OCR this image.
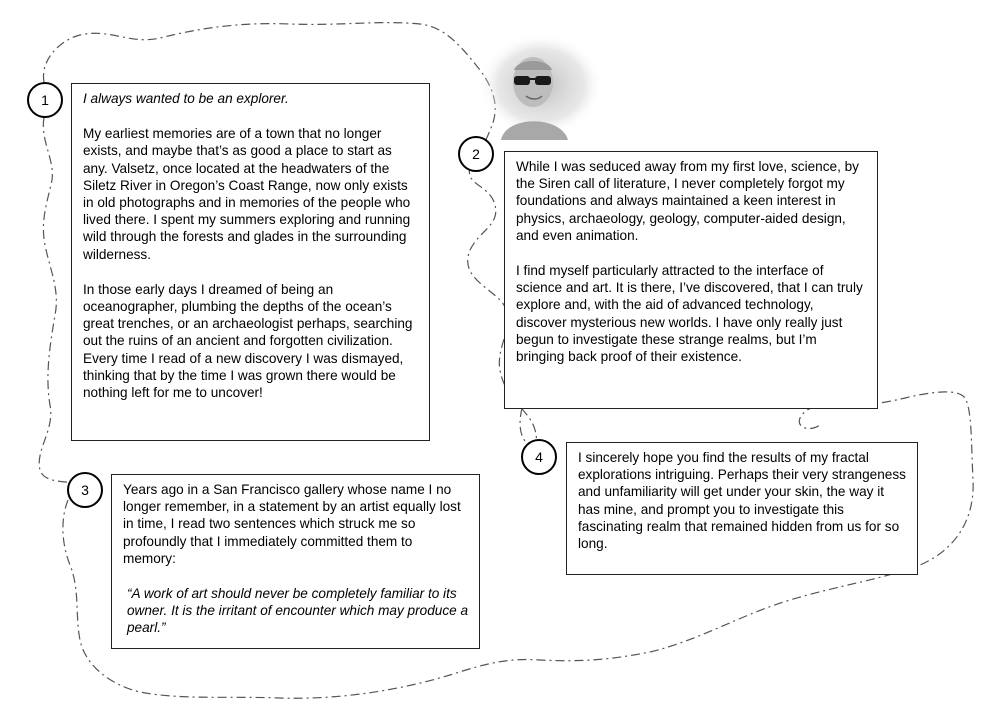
I always wanted to be an explorer.

My earliest memories are of a town that no longer exists, and maybe that’s as good a place to start as any. Valsetz, once located at the headwaters of the Siletz River in Oregon’s Coast Range, now only exists in old photographs and in memories of the people who lived there. I spent my summers exploring and running wild through the forests and glades in the surrounding wilderness.

In those early days I dreamed of being an oceanographer, plumbing the depths of the ocean’s great trenches, or an archaeologist perhaps, searching out the ruins of an ancient and forgotten civilization. Every time I read of a new discovery I was dismayed, thinking that by the time I was grown there would be nothing left for me to uncover!

While I was seduced away from my first love, science, by the Siren call of literature, I never completely forgot my foundations and always maintained a keen interest in physics, archaeology, geology, computer-aided design, and even animation.

I find myself particularly attracted to the interface of science and art. It is there, I’ve discovered, that I can truly explore and, with the aid of advanced technology, discover mysterious new worlds. I have only really just begun to investigate these strange realms, but I’m bringing back proof of their existence.

Years ago in a San Francisco gallery whose name I no longer remember, in a statement by an artist equally lost in time, I read two sentences which struck me so profoundly that I immediately committed them to memory:

“A work of art should never be completely familiar to its owner. It is the irritant of encounter which may produce a pearl.”

I sincerely hope you find the results of my fractal explorations intriguing. Perhaps their very strangeness and unfamiliarity will get under your skin, the way it has mine, and prompt you to investigate this fascinating realm that remained hidden from us for so long.

1
2
3
4
